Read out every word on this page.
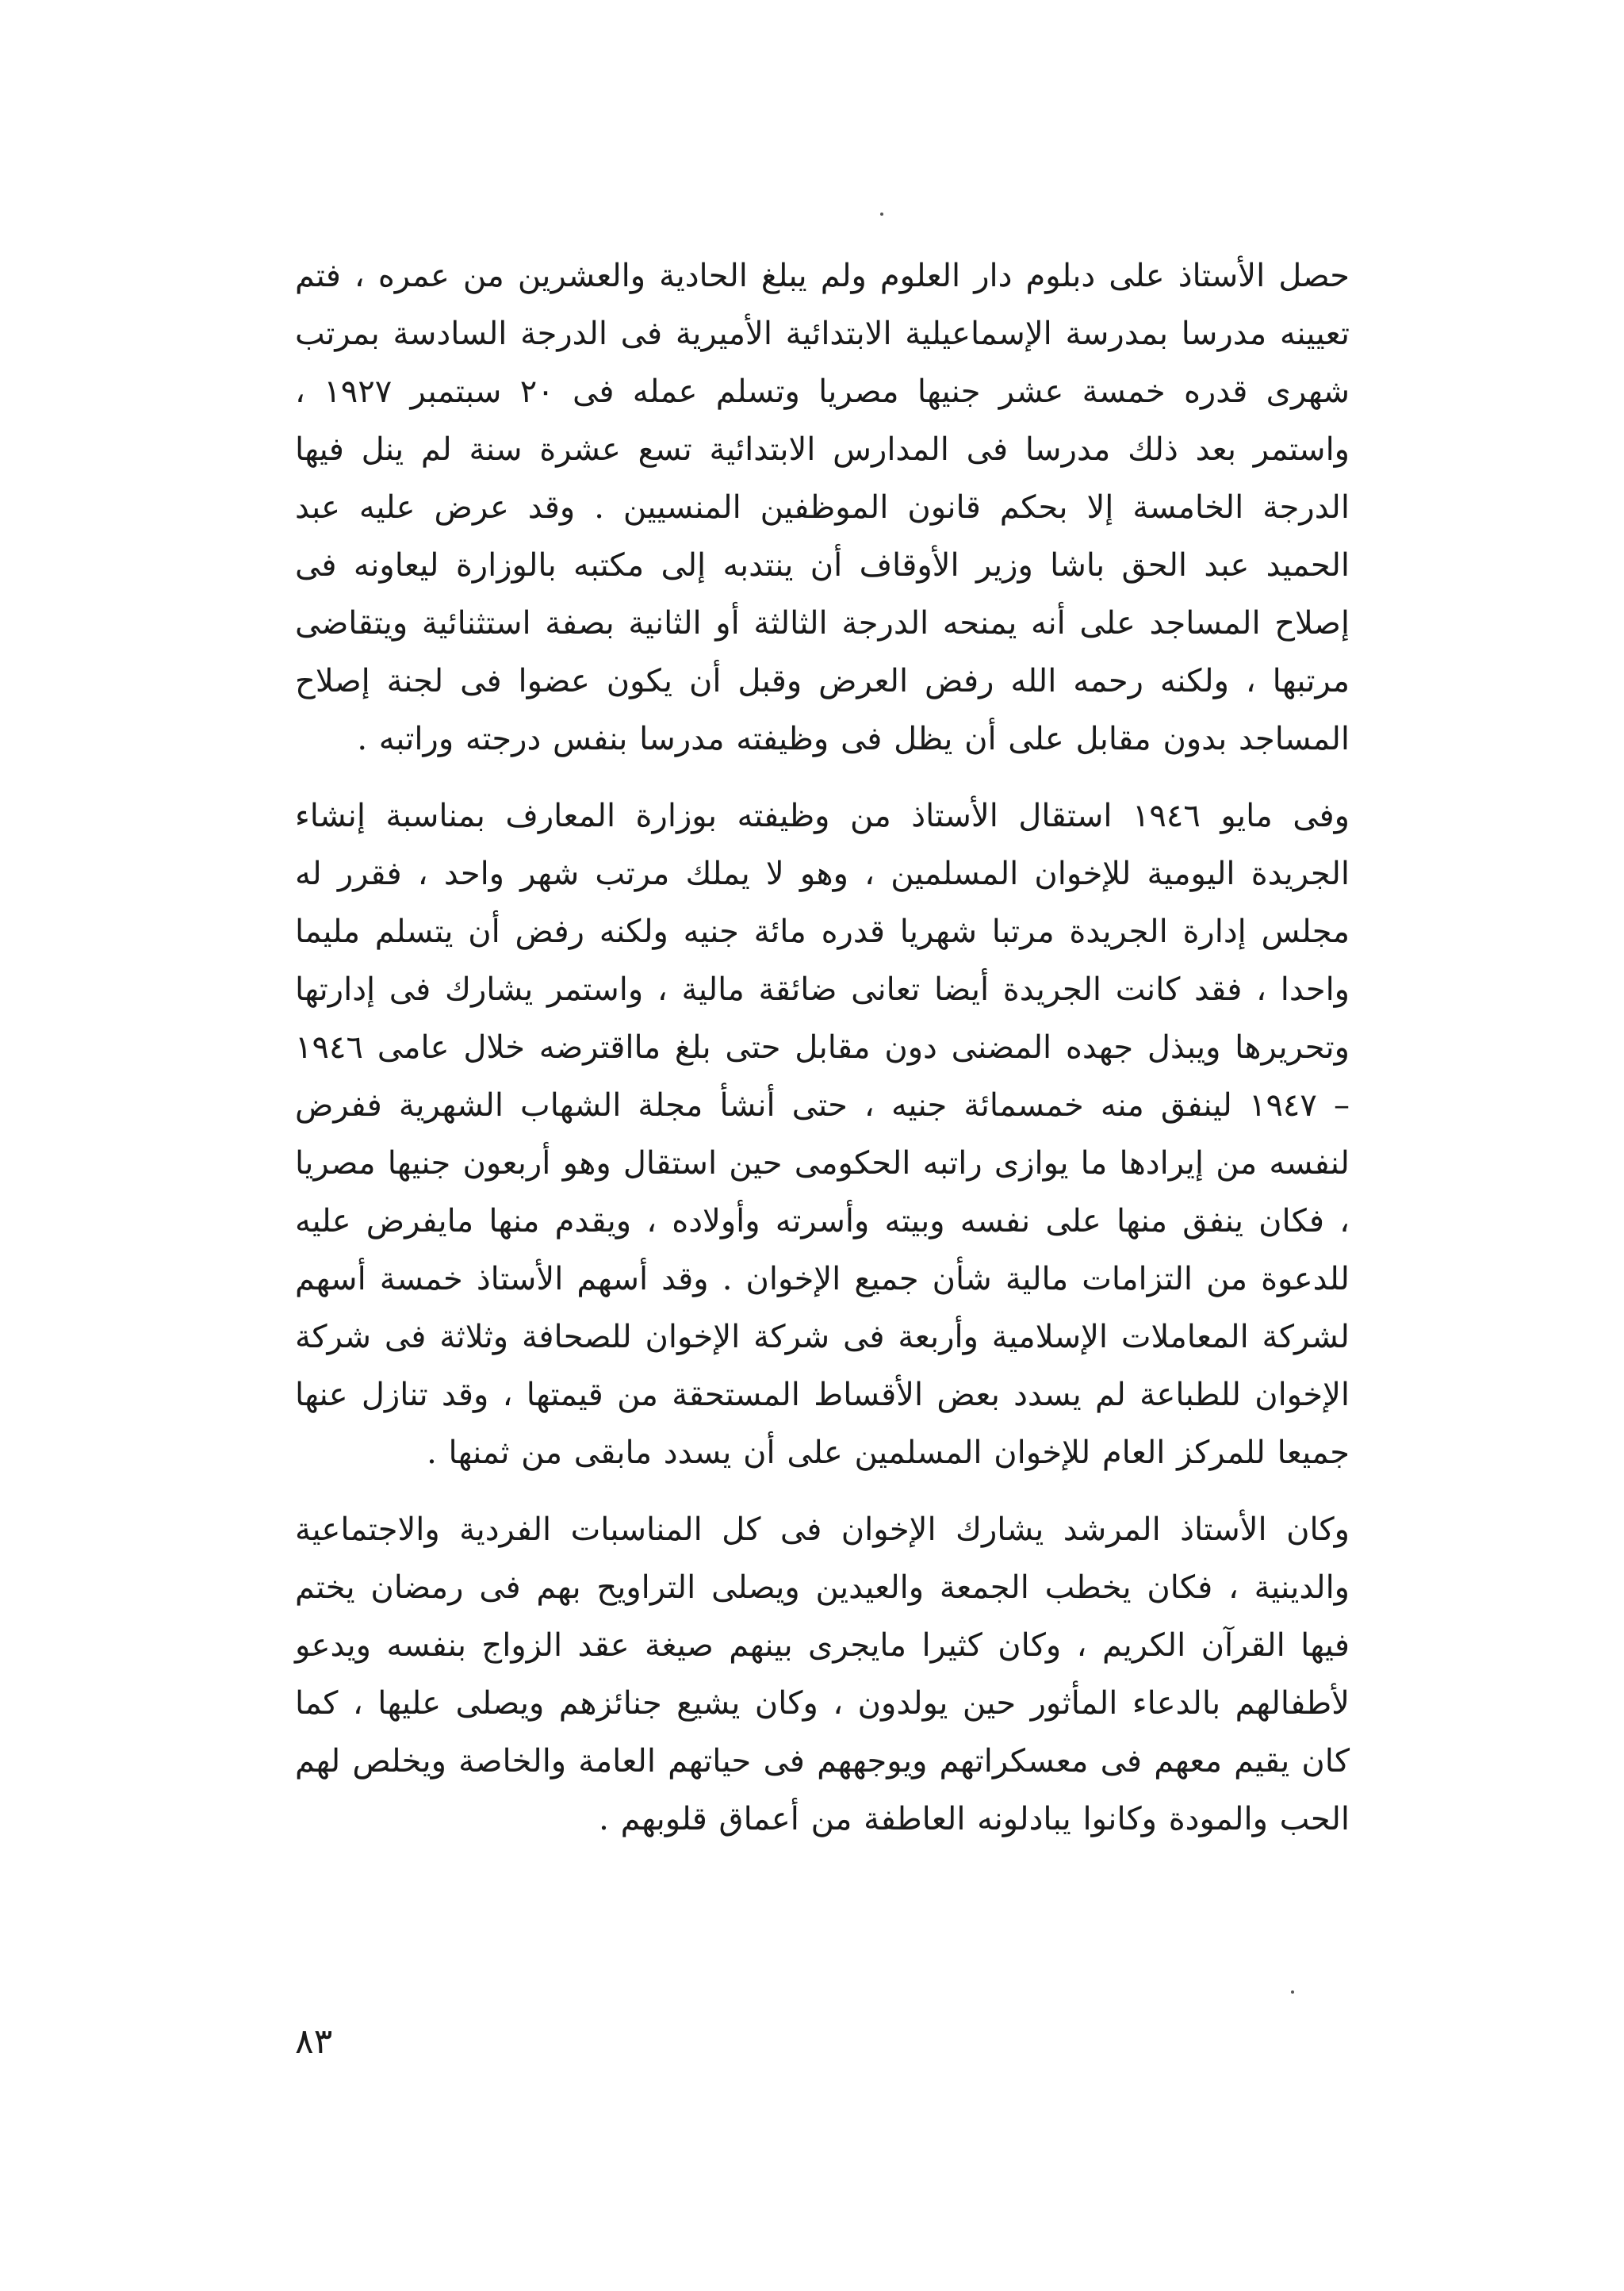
حصل الأستاذ على دبلوم دار العلوم ولم يبلغ الحادية والعشرين من عمره ، فتم تعيينه مدرسا بمدرسة الإسماعيلية الابتدائية الأميرية فى الدرجة السادسة بمرتب شهرى قدره خمسة عشر جنيها مصريا وتسلم عمله فى ٢٠ سبتمبر ١٩٢٧ ، واستمر بعد ذلك مدرسا فى المدارس الابتدائية تسع عشرة سنة لم ينل فيها الدرجة الخامسة إلا بحكم قانون الموظفين المنسيين . وقد عرض عليه عبد الحميد عبد الحق باشا وزير الأوقاف أن ينتدبه إلى مكتبه بالوزارة ليعاونه فى إصلاح المساجد على أنه يمنحه الدرجة الثالثة أو الثانية بصفة استثنائية ويتقاضى مرتبها ، ولكنه رحمه الله رفض العرض وقبل أن يكون عضوا فى لجنة إصلاح المساجد بدون مقابل على أن يظل فى وظيفته مدرسا بنفس درجته وراتبه .

وفى مايو ١٩٤٦ استقال الأستاذ من وظيفته بوزارة المعارف بمناسبة إنشاء الجريدة اليومية للإخوان المسلمين ، وهو لا يملك مرتب شهر واحد ، فقرر له مجلس إدارة الجريدة مرتبا شهريا قدره مائة جنيه ولكنه رفض أن يتسلم مليما واحدا ، فقد كانت الجريدة أيضا تعانى ضائقة مالية ، واستمر يشارك فى إدارتها وتحريرها ويبذل جهده المضنى دون مقابل حتى بلغ مااقترضه خلال عامى ١٩٤٦ – ١٩٤٧ لينفق منه خمسمائة جنيه ، حتى أنشأ مجلة الشهاب الشهرية ففرض لنفسه من إيرادها ما يوازى راتبه الحكومى حين استقال وهو أربعون جنيها مصريا ، فكان ينفق منها على نفسه وبيته وأسرته وأولاده ، ويقدم منها مايفرض عليه للدعوة من التزامات مالية شأن جميع الإخوان . وقد أسهم الأستاذ خمسة أسهم لشركة المعاملات الإسلامية وأربعة فى شركة الإخوان للصحافة وثلاثة فى شركة الإخوان للطباعة لم يسدد بعض الأقساط المستحقة من قيمتها ، وقد تنازل عنها جميعا للمركز العام للإخوان المسلمين على أن يسدد مابقى من ثمنها .

وكان الأستاذ المرشد يشارك الإخوان فى كل المناسبات الفردية والاجتماعية والدينية ، فكان يخطب الجمعة والعيدين ويصلى التراويح بهم فى رمضان يختم فيها القرآن الكريم ، وكان كثيرا مايجرى بينهم صيغة عقد الزواج بنفسه ويدعو لأطفالهم بالدعاء المأثور حين يولدون ، وكان يشيع جنائزهم ويصلى عليها ، كما كان يقيم معهم فى معسكراتهم ويوجههم فى حياتهم العامة والخاصة ويخلص لهم الحب والمودة وكانوا يبادلونه العاطفة من أعماق قلوبهم .

٨٣
